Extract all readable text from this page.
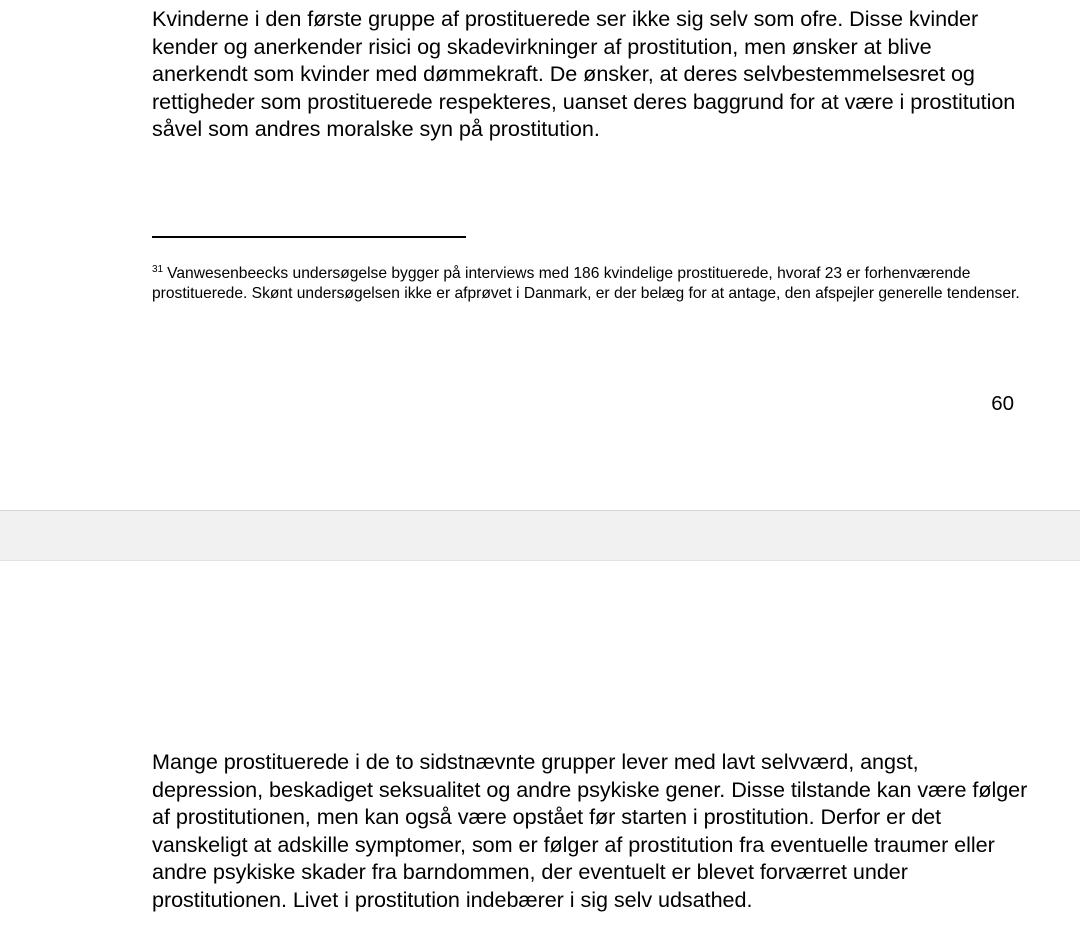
Kvinderne i den første gruppe af prostituerede ser ikke sig selv som ofre. Disse kvinder kender og anerkender risici og skadevirkninger af prostitution, men ønsker at blive anerkendt som kvinder med dømmekraft. De ønsker, at deres selvbestemmelsesret og rettigheder som prostituerede respekteres, uanset deres baggrund for at være i prostitution såvel som andres moralske syn på prostitution.

$^{31}$ Vanwesenbeecks undersøgelse bygger på interviews med 186 kvindelige prostituerede, hvoraf 23 er forhenværende prostituerede. Skønt undersøgelsen ikke er afprøvet i Danmark, er der belæg for at antage, den afspejler generelle tendenser.

60

Mange prostituerede i de to sidstnævnte grupper lever med lavt selvværd, angst, depression, beskadiget seksualitet og andre psykiske gener. Disse tilstande kan være følger af prostitutionen, men kan også være opstået før starten i prostitution. Derfor er det vanskeligt at adskille symptomer, som er følger af prostitution fra eventuelle traumer eller andre psykiske skader fra barndommen, der eventuelt er blevet forværret under prostitutionen. Livet i prostitution indebærer i sig selv udsathed.
